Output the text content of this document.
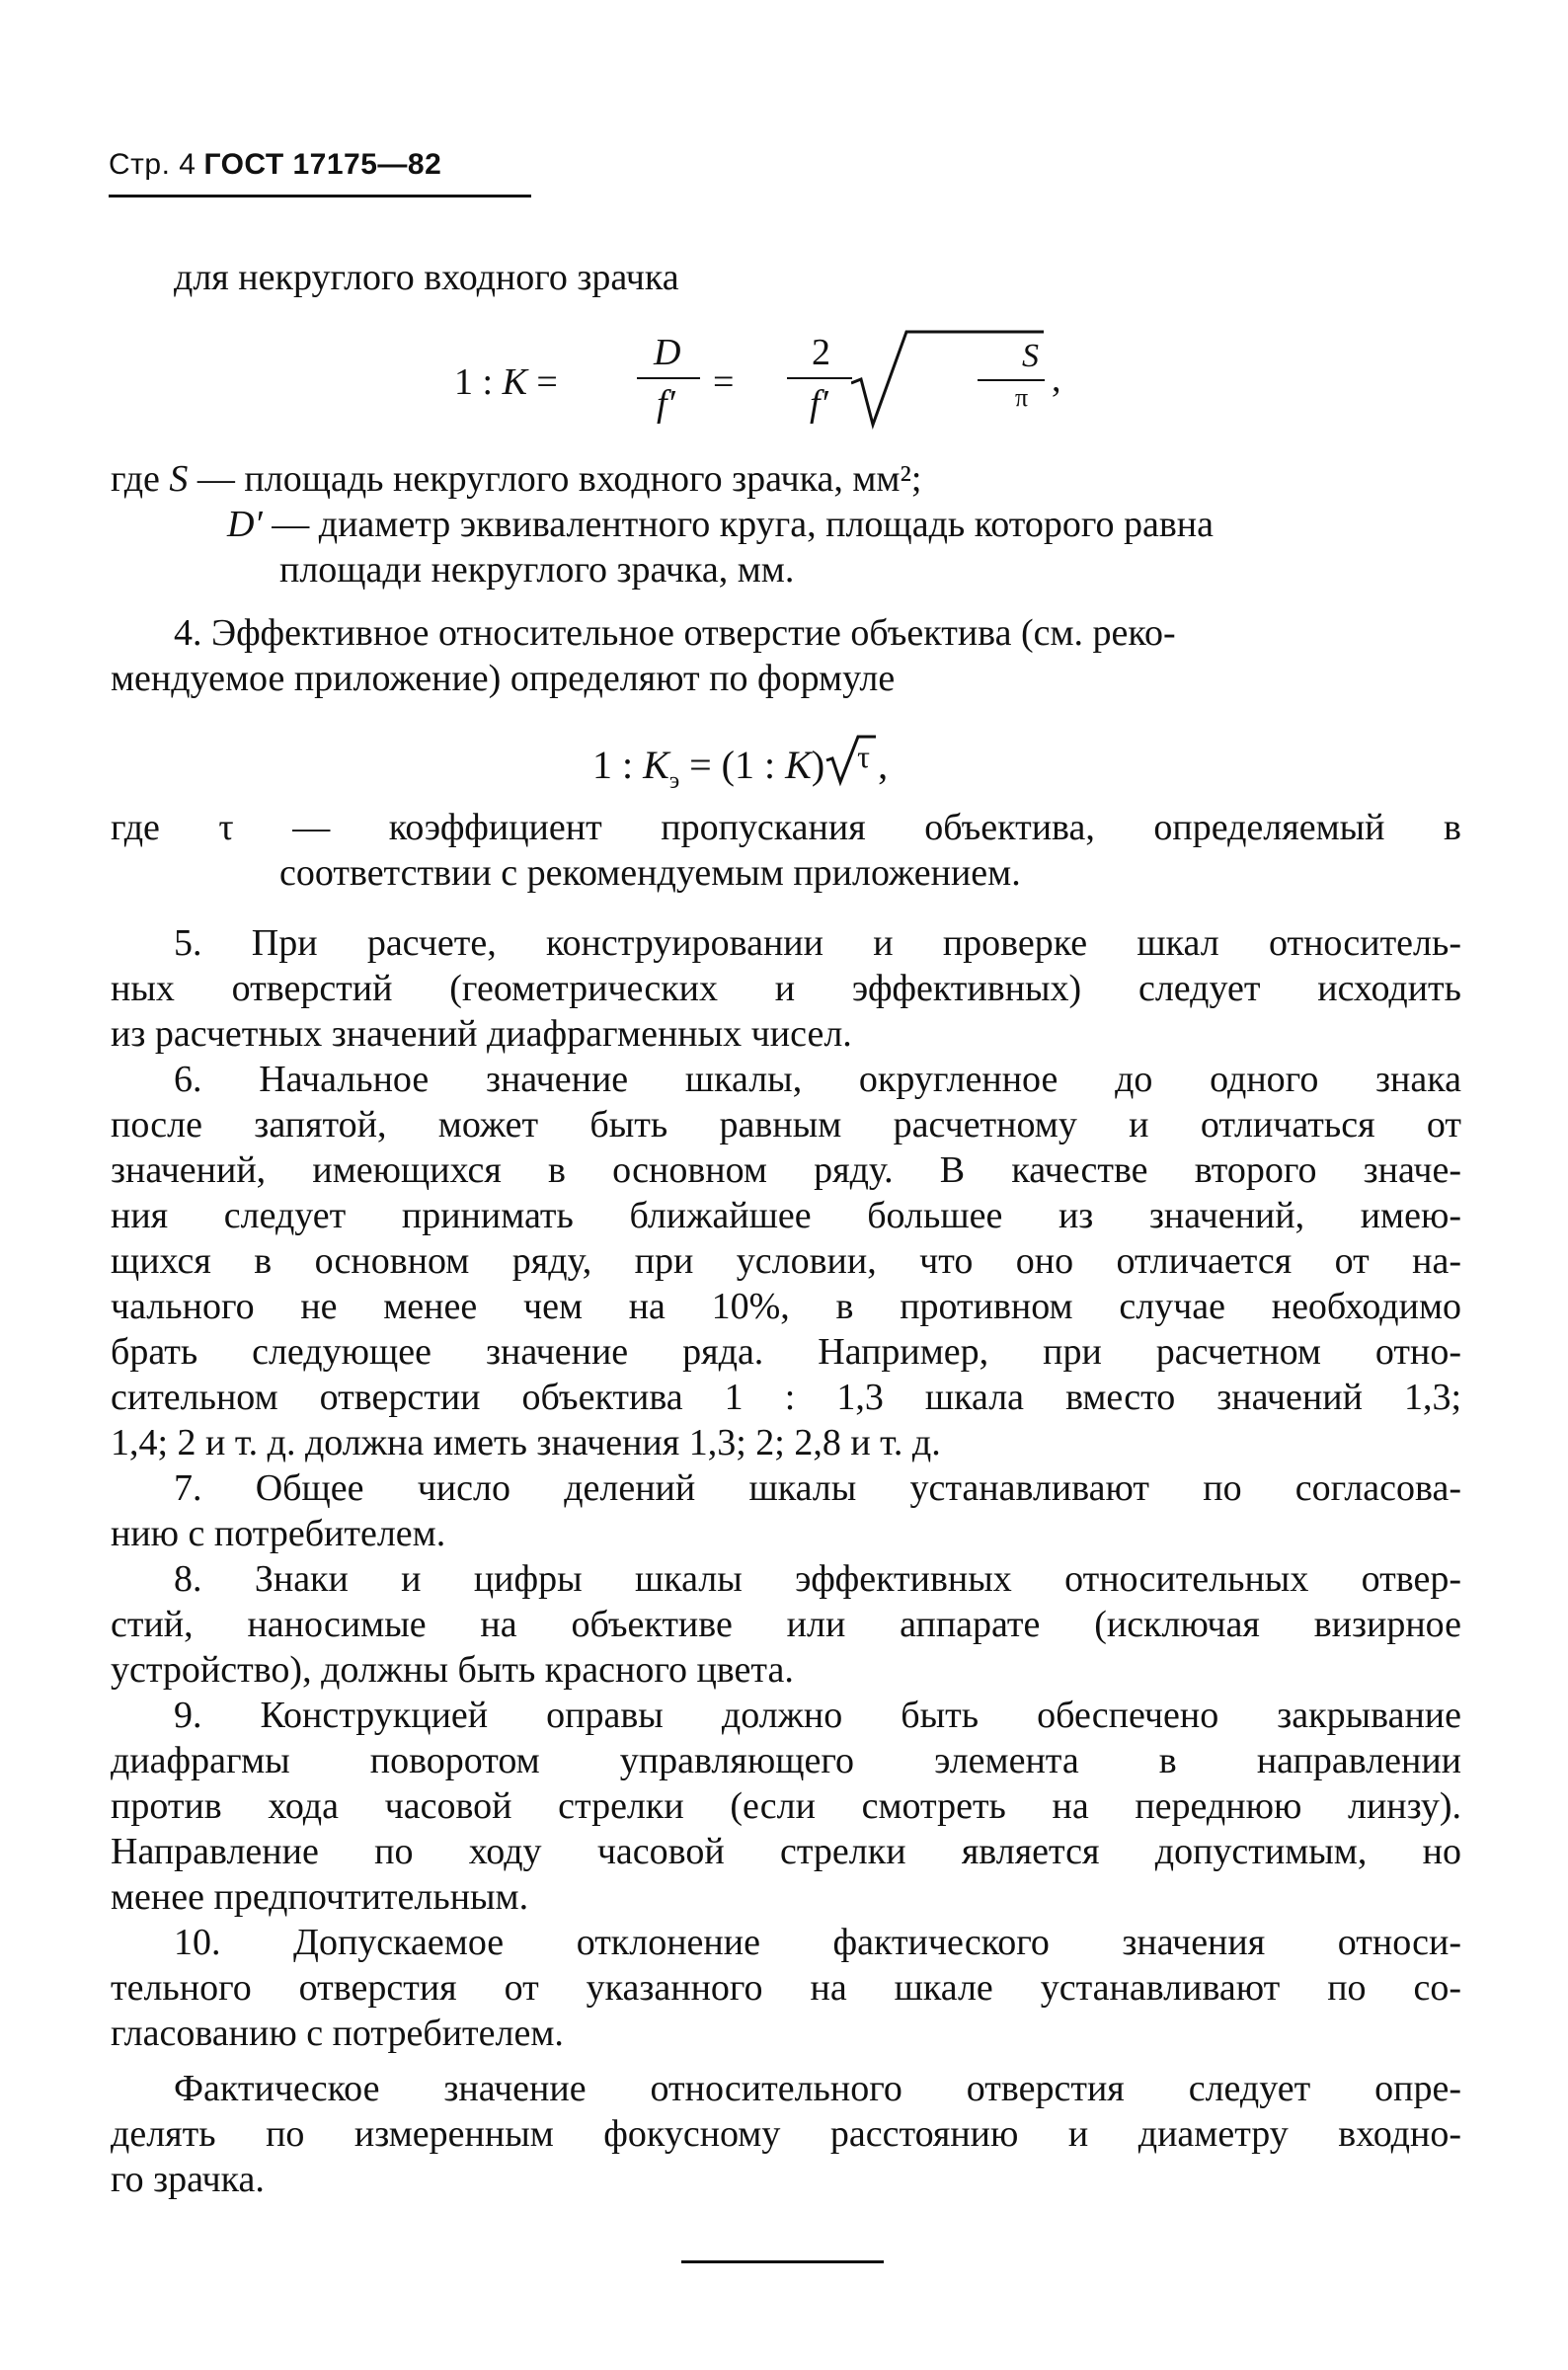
Стр. 4 ГОСТ 17175—82
для некруглого входного зрачка
1 : K =
D
f′
=
2
f′
S
π ,
где S — площадь некруглого входного зрачка, мм²;
D′ — диаметр эквивалентного круга, площадь которого равна
площади некруглого зрачка, мм.
4. Эффективное относительное отверстие объектива (см. реко-
мендуемое приложение) определяют по формуле
1 : $K_э = (1$ : K) τ ,
где τ — коэффициент пропускания объектива, определяемый в
соответствии с рекомендуемым приложением.
5. При расчете, конструировании и проверке шкал относитель-
ных отверстий (геометрических и эффективных) следует исходить
из расчетных значений диафрагменных чисел.
6. Начальное значение шкалы, округленное до одного знака
после запятой, может быть равным расчетному и отличаться от
значений, имеющихся в основном ряду. В качестве второго значе-
ния следует принимать ближайшее большее из значений, имею-
щихся в основном ряду, при условии, что оно отличается от на-
чального не менее чем на 10%, в противном случае необходимо
брать следующее значение ряда. Например, при расчетном отно-
сительном отверстии объектива 1 : 1,3 шкала вместо значений 1,3;
1,4; 2 и т. д. должна иметь значения 1,3; 2; 2,8 и т. д.
7. Общее число делений шкалы устанавливают по согласова-
нию с потребителем.
8. Знаки и цифры шкалы эффективных относительных отвер-
стий, наносимые на объективе или аппарате (исключая визирное
устройство), должны быть красного цвета.
9. Конструкцией оправы должно быть обеспечено закрывание
диафрагмы поворотом управляющего элемента в направлении
против хода часовой стрелки (если смотреть на переднюю линзу).
Направление по ходу часовой стрелки является допустимым, но
менее предпочтительным.
10. Допускаемое отклонение фактического значения относи-
тельного отверстия от указанного на шкале устанавливают по со-
гласованию с потребителем.
Фактическое значение относительного отверстия следует опре-
делять по измеренным фокусному расстоянию и диаметру входно-
го зрачка.
